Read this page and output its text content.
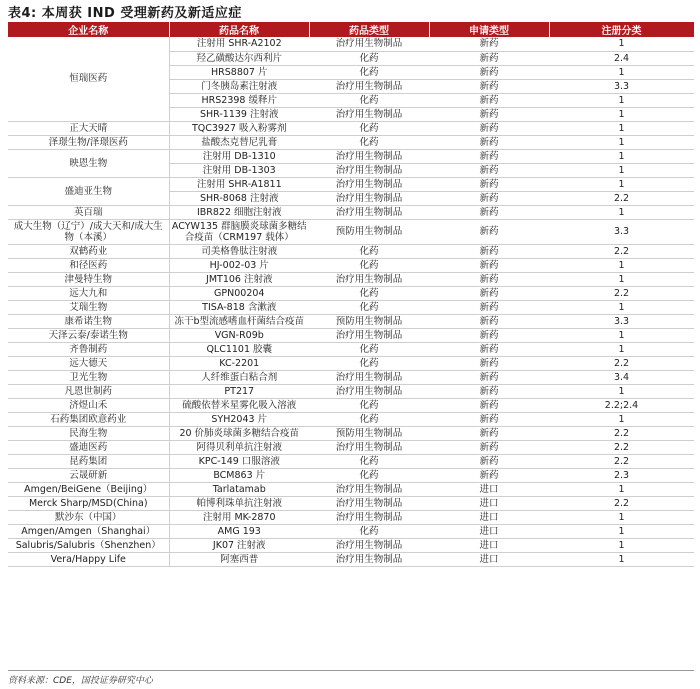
表4: 本周获 IND 受理新药及新适应症
企业名称	药品名称	药品类型	申请类型	注册分类
恒瑞医药	注射用 SHR-A2102	治疗用生物制品	新药	1
	羟乙磺酸达尔西利片	化药	新药	2.4
	HRS8807 片	化药	新药	1
	门冬胰岛素注射液	治疗用生物制品	新药	3.3
	HRS2398 缓释片	化药	新药	1
	SHR-1139 注射液	治疗用生物制品	新药	1
正大天晴	TQC3927 吸入粉雾剂	化药	新药	1
泽璟生物/泽璟医药	盐酸杰克替尼乳膏	化药	新药	1
映恩生物	注射用 DB-1310	治疗用生物制品	新药	1
	注射用 DB-1303	治疗用生物制品	新药	1
盛迪亚生物	注射用 SHR-A1811	治疗用生物制品	新药	1
	SHR-8068 注射液	治疗用生物制品	新药	2.2
英百瑞	IBR822 细胞注射液	治疗用生物制品	新药	1
成大生物（辽宁）/成大天和/成大生物（本溪）	ACYW135 群脑膜炎球菌多糖结合疫苗（CRM197 载体）	预防用生物制品	新药	3.3
双鹤药业	司美格鲁肽注射液	化药	新药	2.2
和径医药	HJ-002-03 片	化药	新药	1
津曼特生物	JMT106 注射液	治疗用生物制品	新药	1
远大九和	GPN00204	化药	新药	2.2
艾瑞生物	TISA-818 含漱液	化药	新药	1
康希诺生物	冻干b型流感嗜血杆菌结合疫苗	预防用生物制品	新药	3.3
天泽云泰/泰诺生物	VGN-R09b	治疗用生物制品	新药	1
齐鲁制药	QLC1101 胶囊	化药	新药	1
远大德天	KC-2201	化药	新药	2.2
卫光生物	人纤维蛋白粘合剂	治疗用生物制品	新药	3.4
凡恩世制药	PT217	治疗用生物制品	新药	1
济煜山禾	硫酸依替米星雾化吸入溶液	化药	新药	2.2;2.4
石药集团欧意药业	SYH2043 片	化药	新药	1
民海生物	20 价肺炎球菌多糖结合疫苗	预防用生物制品	新药	2.2
盛迪医药	阿得贝利单抗注射液	治疗用生物制品	新药	2.2
昆药集团	KPC-149 口服溶液	化药	新药	2.2
云晟研新	BCM863 片	化药	新药	2.3
Amgen/BeiGene（Beijing）	Tarlatamab	治疗用生物制品	进口	1
Merck Sharp/MSD(China)	帕博利珠单抗注射液	治疗用生物制品	进口	2.2
默沙东（中国）	注射用 MK-2870	治疗用生物制品	进口	1
Amgen/Amgen（Shanghai）	AMG 193	化药	进口	1
Salubris/Salubris（Shenzhen）	JK07 注射液	治疗用生物制品	进口	1
Vera/Happy Life	阿塞西普	治疗用生物制品	进口	1
资料来源：CDE，国投证券研究中心
